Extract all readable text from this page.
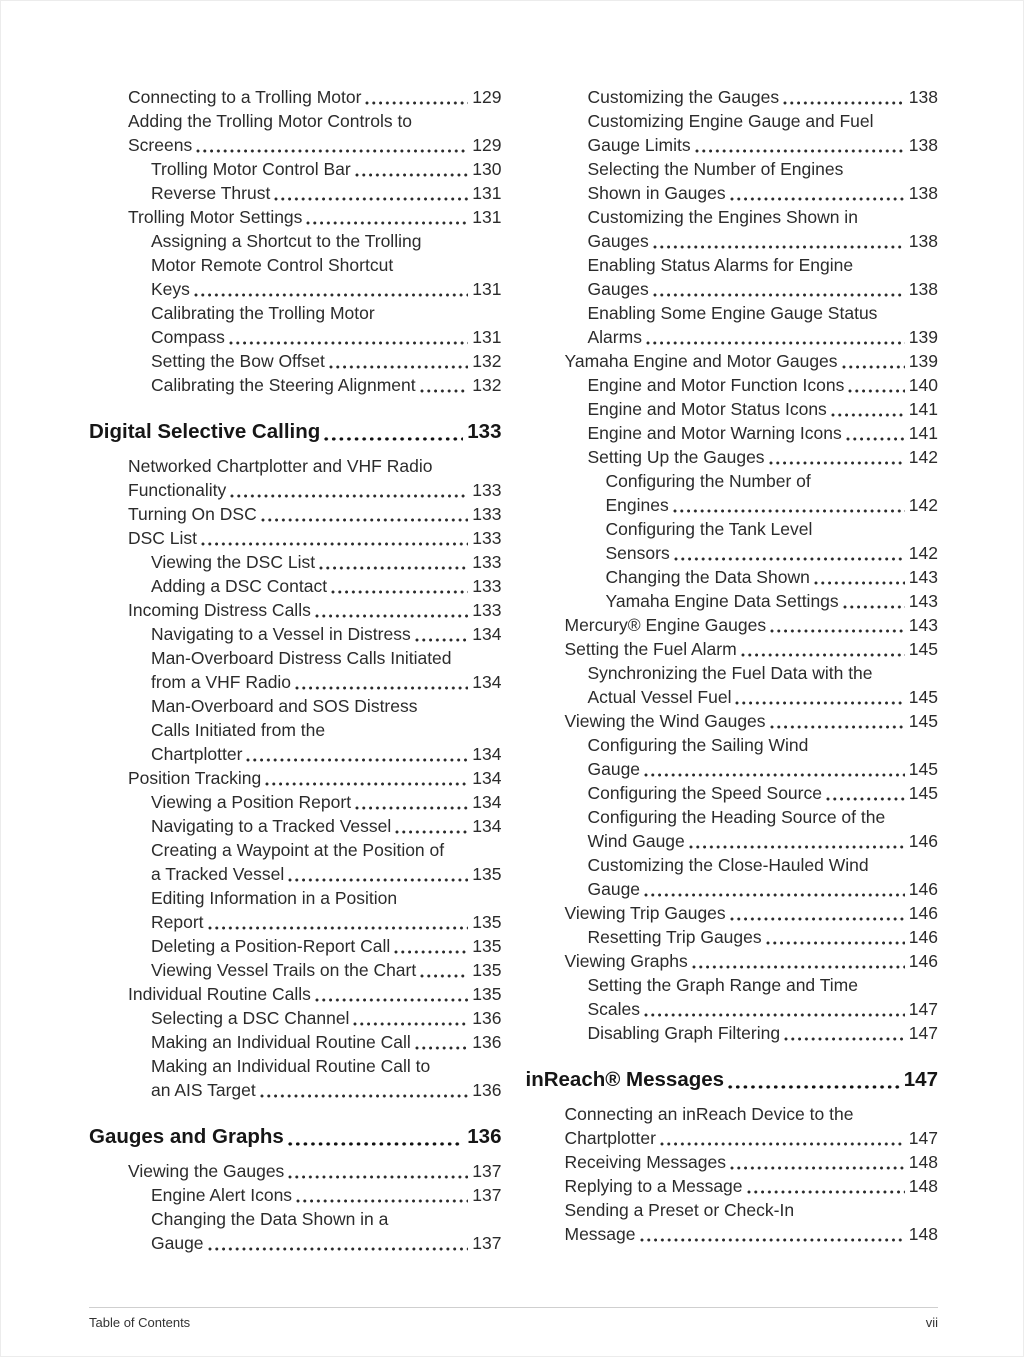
Connecting to a Trolling Motor	129
Adding the Trolling Motor Controls to
Screens	129
Trolling Motor Control Bar	130
Reverse Thrust	131
Trolling Motor Settings	131
Assigning a Shortcut to the Trolling
Motor Remote Control Shortcut
Keys	131
Calibrating the Trolling Motor
Compass	131
Setting the Bow Offset	132
Calibrating the Steering Alignment	132
Digital Selective Calling	133
Networked Chartplotter and VHF Radio
Functionality	133
Turning On DSC	133
DSC List	133
Viewing the DSC List	133
Adding a DSC Contact	133
Incoming Distress Calls	133
Navigating to a Vessel in Distress	134
Man-Overboard Distress Calls Initiated
from a VHF Radio	134
Man-Overboard and SOS Distress
Calls Initiated from the
Chartplotter	134
Position Tracking	134
Viewing a Position Report	134
Navigating to a Tracked Vessel	134
Creating a Waypoint at the Position of
a Tracked Vessel	135
Editing Information in a Position
Report	135
Deleting a Position-Report Call	135
Viewing Vessel Trails on the Chart	135
Individual Routine Calls	135
Selecting a DSC Channel	136
Making an Individual Routine Call	136
Making an Individual Routine Call to
an AIS Target	136
Gauges and Graphs	136
Viewing the Gauges	137
Engine Alert Icons	137
Changing the Data Shown in a
Gauge	137
Customizing the Gauges	138
Customizing Engine Gauge and Fuel
Gauge Limits	138
Selecting the Number of Engines
Shown in Gauges	138
Customizing the Engines Shown in
Gauges	138
Enabling Status Alarms for Engine
Gauges	138
Enabling Some Engine Gauge Status
Alarms	139
Yamaha Engine and Motor Gauges	139
Engine and Motor Function Icons	140
Engine and Motor Status Icons	141
Engine and Motor Warning Icons	141
Setting Up the Gauges	142
Configuring the Number of
Engines	142
Configuring the Tank Level
Sensors	142
Changing the Data Shown	143
Yamaha Engine Data Settings	143
Mercury® Engine Gauges	143
Setting the Fuel Alarm	145
Synchronizing the Fuel Data with the
Actual Vessel Fuel	145
Viewing the Wind Gauges	145
Configuring the Sailing Wind
Gauge	145
Configuring the Speed Source	145
Configuring the Heading Source of the
Wind Gauge	146
Customizing the Close-Hauled Wind
Gauge	146
Viewing Trip Gauges	146
Resetting Trip Gauges	146
Viewing Graphs	146
Setting the Graph Range and Time
Scales	147
Disabling Graph Filtering	147
inReach® Messages	147
Connecting an inReach Device to the
Chartplotter	147
Receiving Messages	148
Replying to a Message	148
Sending a Preset or Check-In
Message	148
Table of Contents	vii
